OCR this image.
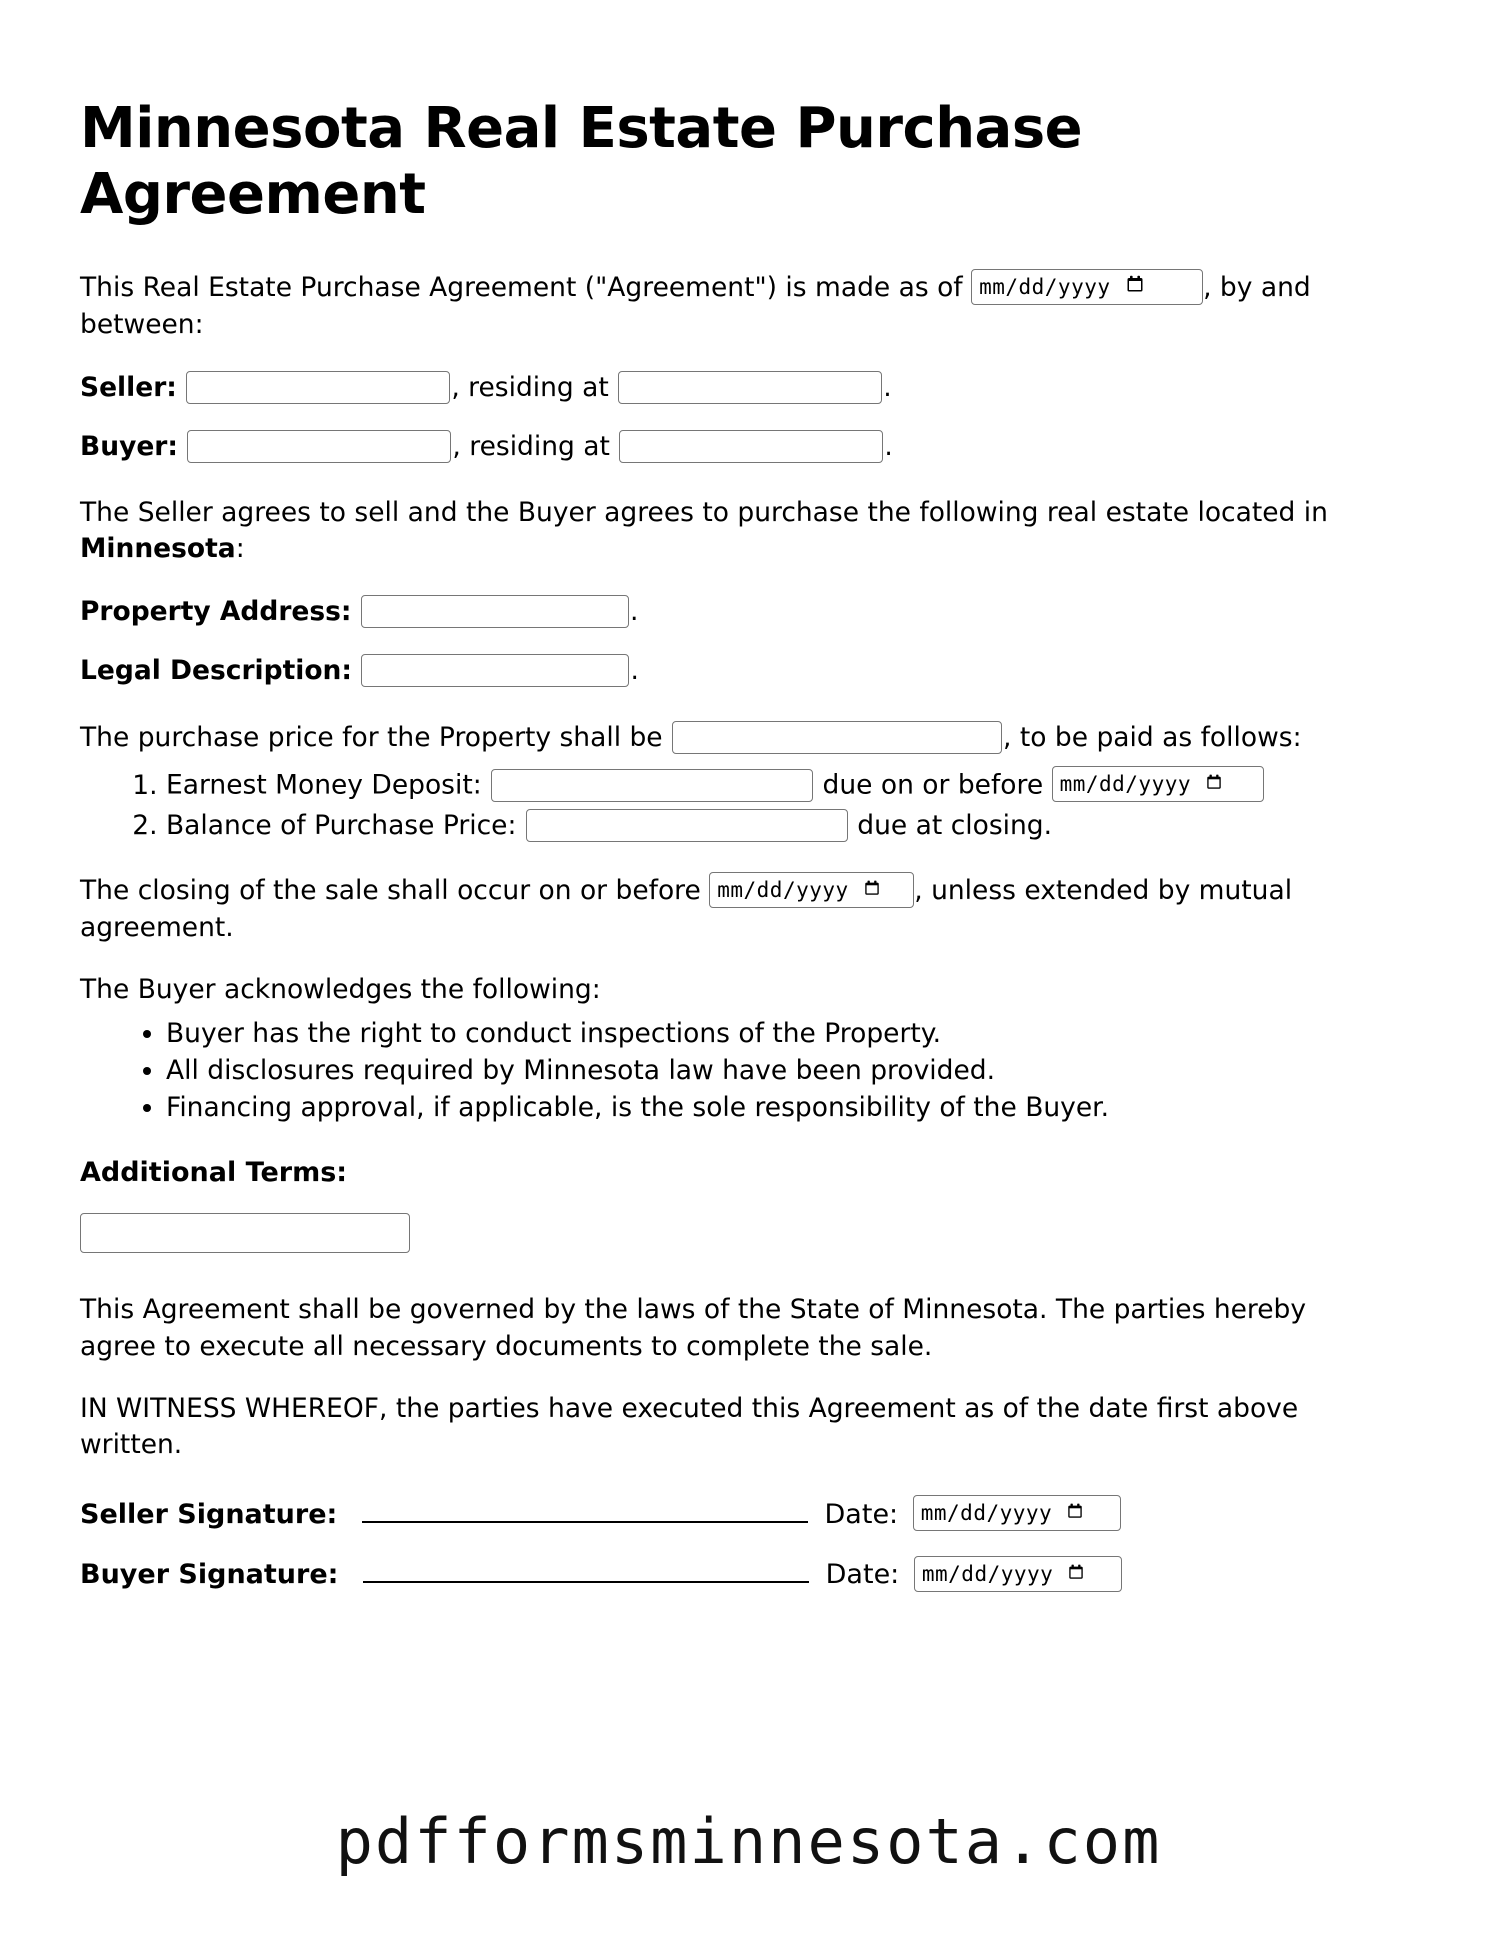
Minnesota Real Estate Purchase Agreement

This Real Estate Purchase Agreement ("Agreement") is made as of mm/dd/yyyy	, by and between:

Seller:	, residing at	.
Buyer:	, residing at	.

The Seller agrees to sell and the Buyer agrees to purchase the following real estate located in Minnesota:

Property Address:	.
Legal Description:	.
The purchase price for the Property shall be	, to be paid as follows:
1. Earnest Money Deposit:	due on or before mm/dd/yyyy
2. Balance of Purchase Price:	due at closing.

The closing of the sale shall occur on or before mm/dd/yyyy , unless extended by mutual agreement.

The Buyer acknowledges the following:

• Buyer has the right to conduct inspections of the Property.
• All disclosures required by Minnesota law have been provided.
• Financing approval, if applicable, is the sole responsibility of the Buyer.
Additional Terms:

This Agreement shall be governed by the laws of the State of Minnesota. The parties hereby agree to execute all necessary documents to complete the sale.

IN WITNESS WHEREOF, the parties have executed this Agreement as of the date first above written.

Seller Signature:	Date: mm/dd/yyyy
Buyer Signature:	Date: mm/dd/yyyy
pdfformsminnesota.com
